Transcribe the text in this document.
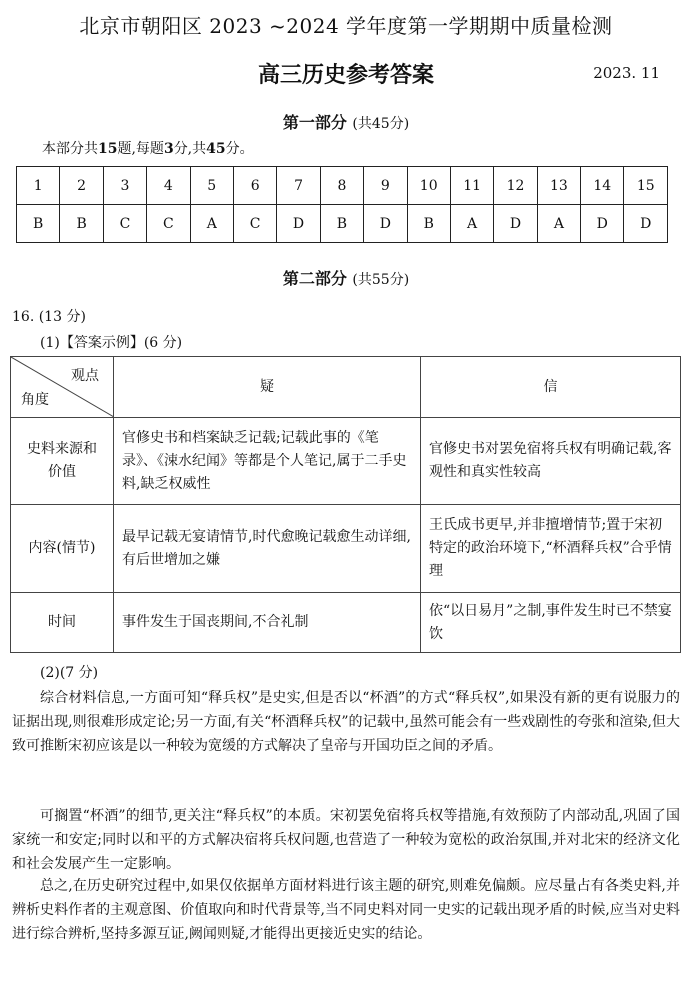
北京市朝阳区 2023 ~2024 学年度第一学期期中质量检测
高三历史参考答案	2023. 11
第一部分 (共45分)
本部分共15题,每题3分,共45分。
1	2	3	4	5	6	7	8	9	10	11	12	13	14	15
B	B	C	C	A	C	D	B	D	B	A	D	A	D	D
第二部分 (共55分)
16. (13 分)
(1)【答案示例】(6 分)
观点
角度	疑	信
史料来源和价值	官修史书和档案缺乏记载;记载此事的《笔录》、《涑水纪闻》等都是个人笔记,属于二手史料,缺乏权威性	官修史书对罢免宿将兵权有明确记载,客观性和真实性较高
内容(情节)	最早记载无宴请情节,时代愈晚记载愈生动详细,有后世增加之嫌	王氏成书更早,并非擅增情节;置于宋初特定的政治环境下,“杯酒释兵权”合乎情理
时间	事件发生于国丧期间,不合礼制	依“以日易月”之制,事件发生时已不禁宴饮
(2)(7 分)
综合材料信息,一方面可知“释兵权”是史实,但是否以“杯酒”的方式“释兵权”,如果没有新的更有说服力的证据出现,则很难形成定论;另一方面,有关“杯酒释兵权”的记载中,虽然可能会有一些戏剧性的夸张和渲染,但大致可推断宋初应该是以一种较为宽缓的方式解决了皇帝与开国功臣之间的矛盾。
可搁置“杯酒”的细节,更关注“释兵权”的本质。宋初罢免宿将兵权等措施,有效预防了内部动乱,巩固了国家统一和安定;同时以和平的方式解决宿将兵权问题,也营造了一种较为宽松的政治氛围,并对北宋的经济文化和社会发展产生一定影响。
总之,在历史研究过程中,如果仅依据单方面材料进行该主题的研究,则难免偏颇。应尽量占有各类史料,并辨析史料作者的主观意图、价值取向和时代背景等,当不同史料对同一史实的记载出现矛盾的时候,应当对史料进行综合辨析,坚持多源互证,阙闻则疑,才能得出更接近史实的结论。
